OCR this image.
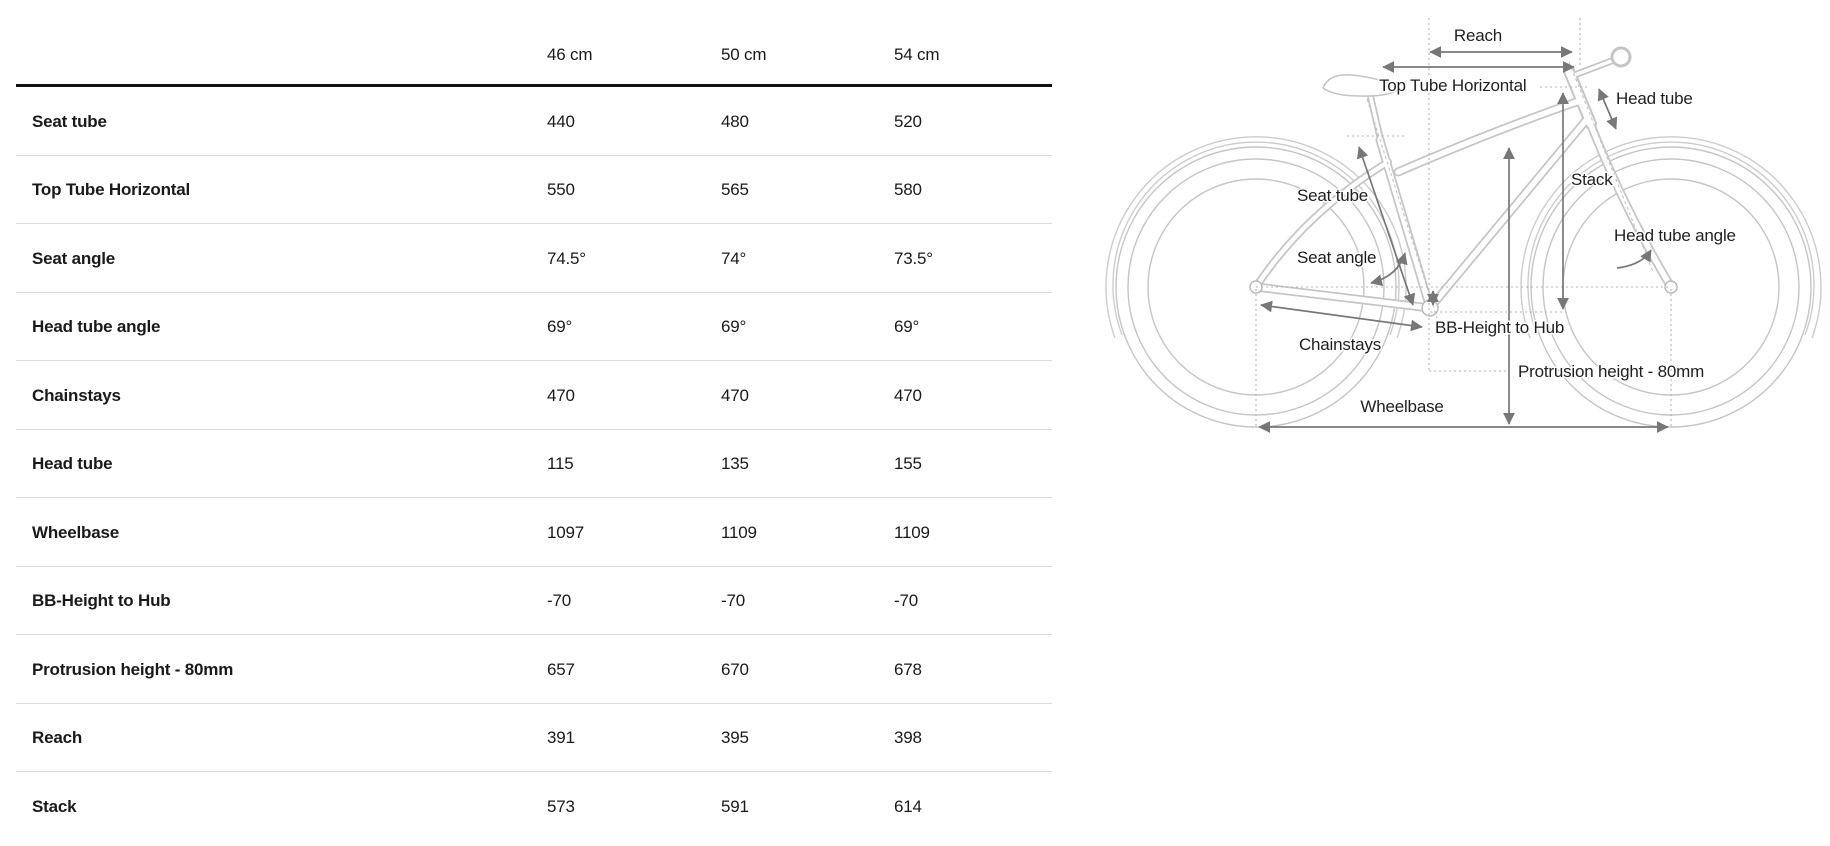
46 cm	50 cm	54 cm
Seat tube	440	480	520
Top Tube Horizontal	550	565	580
Seat angle	74.5°	74°	73.5°
Head tube angle	69°	69°	69°
Chainstays	470	470	470
Head tube	115	135	155
Wheelbase	1097	1109	1109
BB-Height to Hub	-70	-70	-70
Protrusion height - 80mm	657	670	678
Reach	391	395	398
Stack	573	591	614
Reach
Top Tube Horizontal
Head tube
Seat tube
Stack
Head tube angle
Seat angle
BB-Height to Hub
Chainstays
Protrusion height - 80mm
Wheelbase
